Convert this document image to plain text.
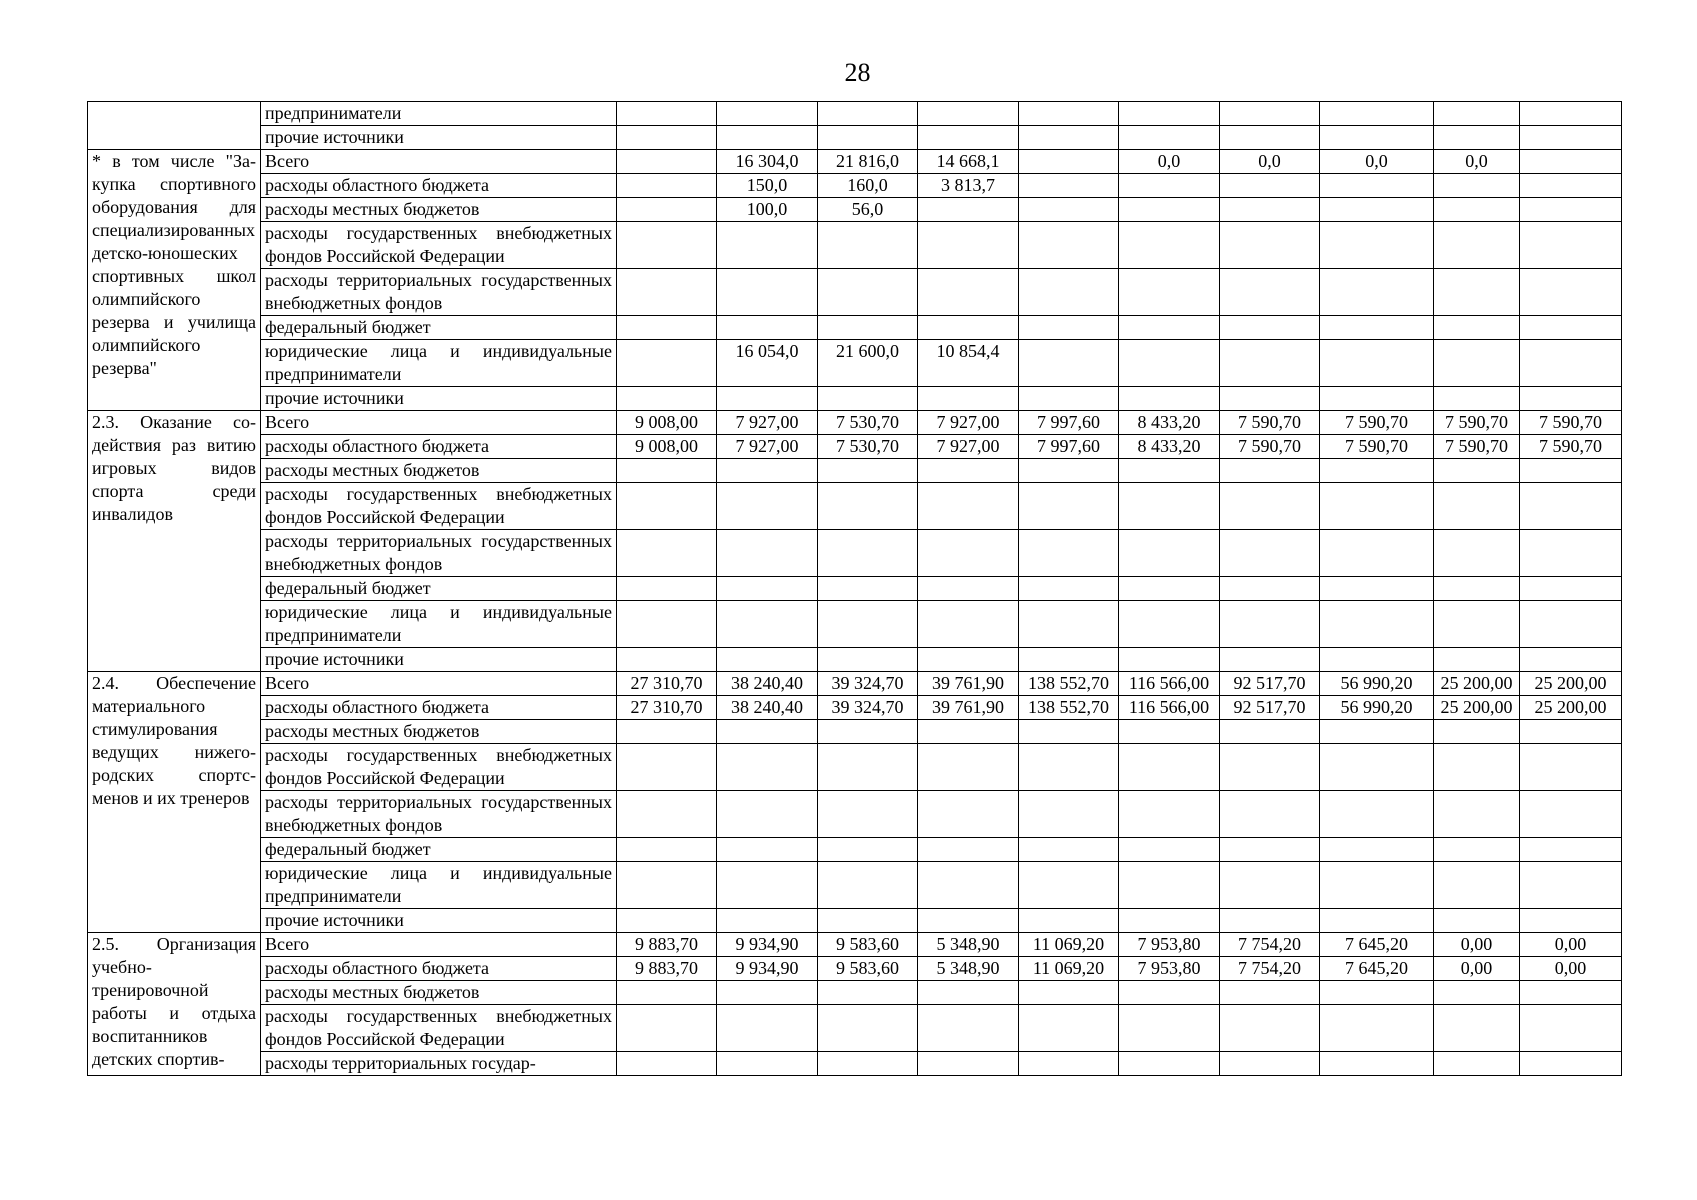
28
	предприниматели										
	прочие источники										
* в том числе "Закупка спортивного оборудования для специализированных детско-юношеских спортивных школ олимпийского резерва и училища олимпийского резерва"	Всего		16 304,0	21 816,0	14 668,1		0,0	0,0	0,0	0,0	
	расходы областного бюджета		150,0	160,0	3 813,7						
	расходы местных бюджетов		100,0	56,0							
	расходы государственных внебюджетных фондов Российской Федерации										
	расходы территориальных государственных внебюджетных фондов										
	федеральный бюджет										
	юридические лица и индивидуальные предприниматели		16 054,0	21 600,0	10 854,4						
	прочие источники										
2.3. Оказание содействия раз витию игровых видов спорта среди инвалидов	Всего	9 008,00	7 927,00	7 530,70	7 927,00	7 997,60	8 433,20	7 590,70	7 590,70	7 590,70	7 590,70
	расходы областного бюджета	9 008,00	7 927,00	7 530,70	7 927,00	7 997,60	8 433,20	7 590,70	7 590,70	7 590,70	7 590,70
	расходы местных бюджетов										
	расходы государственных внебюджетных фондов Российской Федерации										
	расходы территориальных государственных внебюджетных фондов										
	федеральный бюджет										
	юридические лица и индивидуальные предприниматели										
	прочие источники										
2.4. Обеспечение материального стимулирования ведущих нижегородских спортсменов и их тренеров	Всего	27 310,70	38 240,40	39 324,70	39 761,90	138 552,70	116 566,00	92 517,70	56 990,20	25 200,00	25 200,00
	расходы областного бюджета	27 310,70	38 240,40	39 324,70	39 761,90	138 552,70	116 566,00	92 517,70	56 990,20	25 200,00	25 200,00
	расходы местных бюджетов										
	расходы государственных внебюджетных фондов Российской Федерации										
	расходы территориальных государственных внебюджетных фондов										
	федеральный бюджет										
	юридические лица и индивидуальные предприниматели										
	прочие источники										
2.5. Организация учебно-тренировочной работы и отдыха воспитанников детских спортив-	Всего	9 883,70	9 934,90	9 583,60	5 348,90	11 069,20	7 953,80	7 754,20	7 645,20	0,00	0,00
	расходы областного бюджета	9 883,70	9 934,90	9 583,60	5 348,90	11 069,20	7 953,80	7 754,20	7 645,20	0,00	0,00
	расходы местных бюджетов										
	расходы государственных внебюджетных фондов Российской Федерации										
	расходы территориальных государ-										
